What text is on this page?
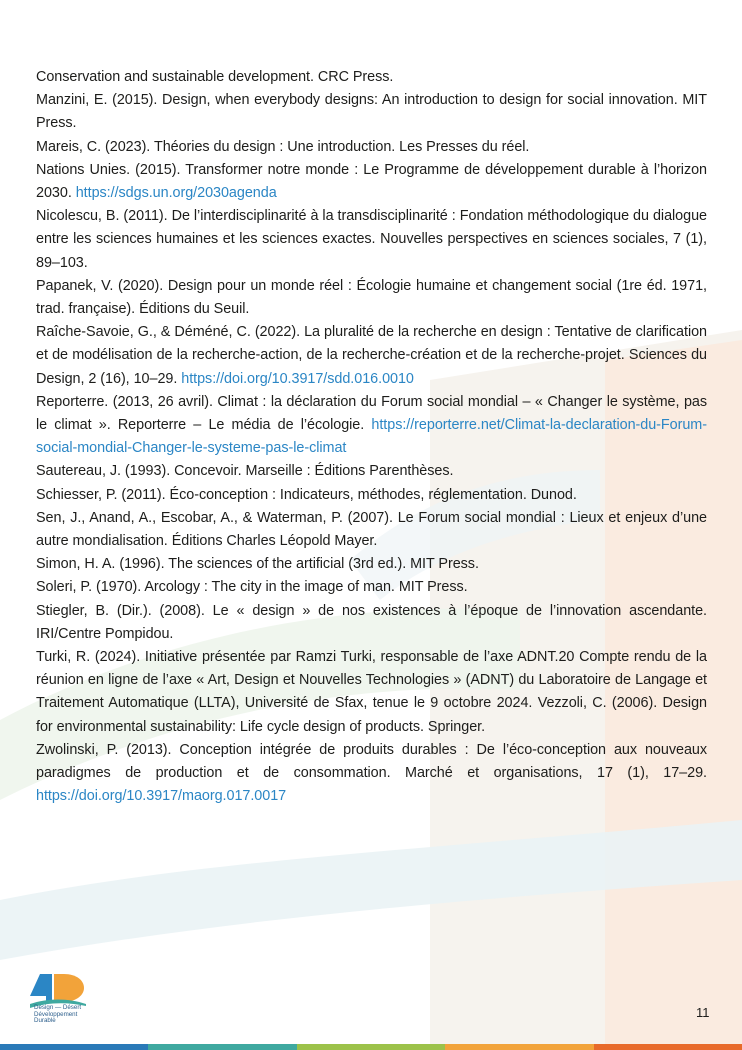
Conservation and sustainable development. CRC Press.

Manzini, E. (2015). Design, when everybody designs: An introduction to design for social innovation. MIT Press.

Mareis, C. (2023). Théories du design : Une introduction. Les Presses du réel.

Nations Unies. (2015). Transformer notre monde : Le Programme de développement durable à l’horizon 2030. https://sdgs.un.org/2030agenda

Nicolescu, B. (2011). De l’interdisciplinarité à la transdisciplinarité : Fondation méthodologique du dialogue entre les sciences humaines et les sciences exactes. Nouvelles perspectives en sciences sociales, 7 (1), 89–103.

Papanek, V. (2020). Design pour un monde réel : Écologie humaine et changement social (1re éd. 1971, trad. française). Éditions du Seuil.

Raîche-Savoie, G., & Déméné, C. (2022). La pluralité de la recherche en design : Tentative de clarification et de modélisation de la recherche-action, de la recherche-création et de la recherche-projet. Sciences du Design, 2 (16), 10–29. https://doi.org/10.3917/sdd.016.0010

Reporterre. (2013, 26 avril). Climat : la déclaration du Forum social mondial – « Changer le système, pas le climat ». Reporterre – Le média de l’écologie. https://reporterre.net/Climat-la-declaration-du-Forum-social-mondial-Changer-le-systeme-pas-le-climat

Sautereau, J. (1993). Concevoir. Marseille : Éditions Parenthèses.

Schiesser, P. (2011). Éco-conception : Indicateurs, méthodes, réglementation. Dunod.

Sen, J., Anand, A., Escobar, A., & Waterman, P. (2007). Le Forum social mondial : Lieux et enjeux d’une autre mondialisation. Éditions Charles Léopold Mayer.

Simon, H. A. (1996). The sciences of the artificial (3rd ed.). MIT Press.

Soleri, P. (1970). Arcology : The city in the image of man. MIT Press.

Stiegler, B. (Dir.). (2008). Le « design » de nos existences à l’époque de l’innovation ascendante. IRI/Centre Pompidou.

Turki, R. (2024). Initiative présentée par Ramzi Turki, responsable de l’axe ADNT.20 Compte rendu de la réunion en ligne de l’axe « Art, Design et Nouvelles Technologies » (ADNT) du Laboratoire de Langage et Traitement Automatique (LLTA), Université de Sfax, tenue le 9 octobre 2024. Vezzoli, C. (2006). Design for environmental sustainability: Life cycle design of products. Springer.

Zwolinski, P. (2013). Conception intégrée de produits durables : De l’éco-conception aux nouveaux paradigmes de production et de consommation. Marché et organisations, 17 (1), 17–29. https://doi.org/10.3917/maorg.017.0017

Design — Désert
Développement
Durable
11
